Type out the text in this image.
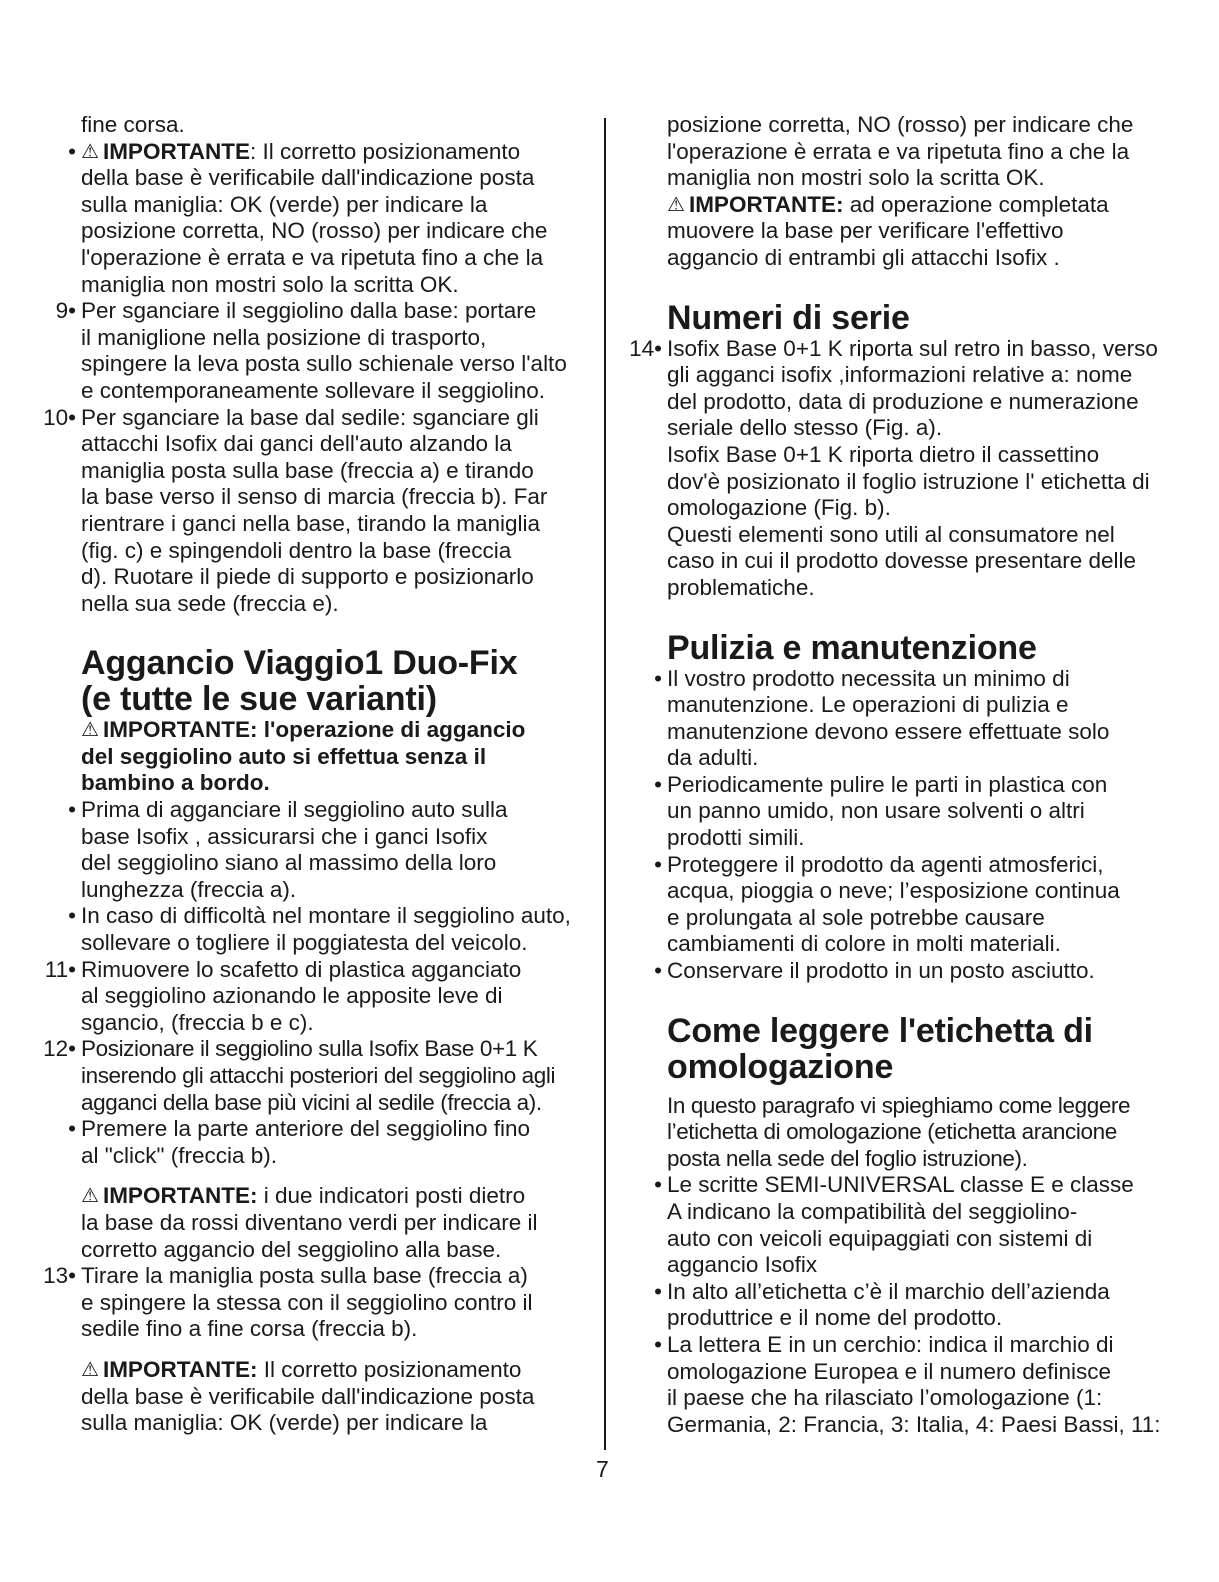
fine corsa.
• ⚠ IMPORTANTE: Il corretto posizionamento
della base è verificabile dall'indicazione posta
sulla maniglia: OK (verde) per indicare la
posizione corretta, NO (rosso) per indicare che
l'operazione è errata e va ripetuta fino a che la
maniglia non mostri solo la scritta OK.
9• Per sganciare il seggiolino dalla base: portare
il maniglione nella posizione di trasporto,
spingere la leva posta sullo schienale verso l'alto
e contemporaneamente sollevare il seggiolino.
10• Per sganciare la base dal sedile: sganciare gli
attacchi Isofix dai ganci dell'auto alzando la
maniglia posta sulla base (freccia a) e tirando
la base verso il senso di marcia (freccia b). Far
rientrare i ganci nella base, tirando la maniglia
(fig. c) e spingendoli dentro la base (freccia
d). Ruotare il piede di supporto e posizionarlo
nella sua sede (freccia e).
Aggancio Viaggio1 Duo-Fix
(e tutte le sue varianti)
⚠ IMPORTANTE: l'operazione di aggancio
del seggiolino auto si effettua senza il
bambino a bordo.
• Prima di agganciare il seggiolino auto sulla
base Isofix , assicurarsi che i ganci Isofix
del seggiolino siano al massimo della loro
lunghezza (freccia a).
• In caso di difficoltà nel montare il seggiolino auto,
sollevare o togliere il poggiatesta del veicolo.
11• Rimuovere lo scafetto di plastica agganciato
al seggiolino azionando le apposite leve di
sgancio, (freccia b e c).
12• Posizionare il seggiolino sulla Isofix Base 0+1 K
inserendo gli attacchi posteriori del seggiolino agli
agganci della base più vicini al sedile (freccia a).
• Premere la parte anteriore del seggiolino fino
al "click" (freccia b).
⚠ IMPORTANTE: i due indicatori posti dietro
la base da rossi diventano verdi per indicare il
corretto aggancio del seggiolino alla base.
13• Tirare la maniglia posta sulla base (freccia a)
e spingere la stessa con il seggiolino contro il
sedile fino a fine corsa (freccia b).
⚠ IMPORTANTE: Il corretto posizionamento
della base è verificabile dall'indicazione posta
sulla maniglia: OK (verde) per indicare la
posizione corretta, NO (rosso) per indicare che
l'operazione è errata e va ripetuta fino a che la
maniglia non mostri solo la scritta OK.
⚠ IMPORTANTE: ad operazione completata
muovere la base per verificare l'effettivo
aggancio di entrambi gli attacchi Isofix .
Numeri di serie
14• Isofix Base 0+1 K riporta sul retro in basso, verso
gli agganci isofix ,informazioni relative a: nome
del prodotto, data di produzione e numerazione
seriale dello stesso (Fig. a).
Isofix Base 0+1 K riporta dietro il cassettino
dov'è posizionato il foglio istruzione l' etichetta di
omologazione (Fig. b).
Questi elementi sono utili al consumatore nel
caso in cui il prodotto dovesse presentare delle
problematiche.
Pulizia e manutenzione
• Il vostro prodotto necessita un minimo di
manutenzione. Le operazioni di pulizia e
manutenzione devono essere effettuate solo
da adulti.
• Periodicamente pulire le parti in plastica con
un panno umido, non usare solventi o altri
prodotti simili.
• Proteggere il prodotto da agenti atmosferici,
acqua, pioggia o neve; l’esposizione continua
e prolungata al sole potrebbe causare
cambiamenti di colore in molti materiali.
• Conservare il prodotto in un posto asciutto.
Come leggere l'etichetta di
omologazione
In questo paragrafo vi spieghiamo come leggere
l’etichetta di omologazione (etichetta arancione
posta nella sede del foglio istruzione).
• Le scritte SEMI-UNIVERSAL classe E e classe
A indicano la compatibilità del seggiolino-
auto con veicoli equipaggiati con sistemi di
aggancio Isofix
• In alto all’etichetta c’è il marchio dell’azienda
produttrice e il nome del prodotto.
• La lettera E in un cerchio: indica il marchio di
omologazione Europea e il numero definisce
il paese che ha rilasciato l’omologazione (1:
Germania, 2: Francia, 3: Italia, 4: Paesi Bassi, 11:
7
